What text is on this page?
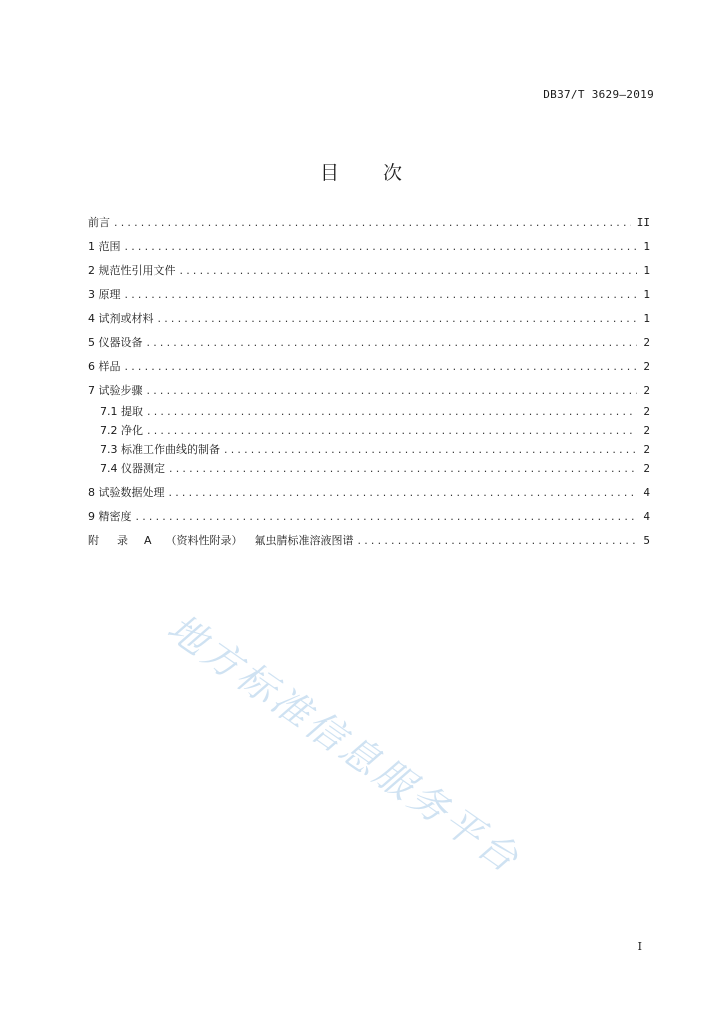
DB37/T 3629—2019
目 次
前言 .....	II
1 范围 .....	1
2 规范性引用文件 .....	1
3 原理 .....	1
4 试剂或材料 .....	1
5 仪器设备 .....	2
6 样品 .....	2
7 试验步骤 .....	2
7.1 提取 .....	2
7.2 净化 .....	2
7.3 标准工作曲线的制备 .....	2
7.4 仪器测定 .....	2
8 试验数据处理 .....	4
9 精密度 .....	4
附 录 A （资料性附录） 氟虫腈标准溶液图谱 .....	5
地方标准信息服务平台
I
